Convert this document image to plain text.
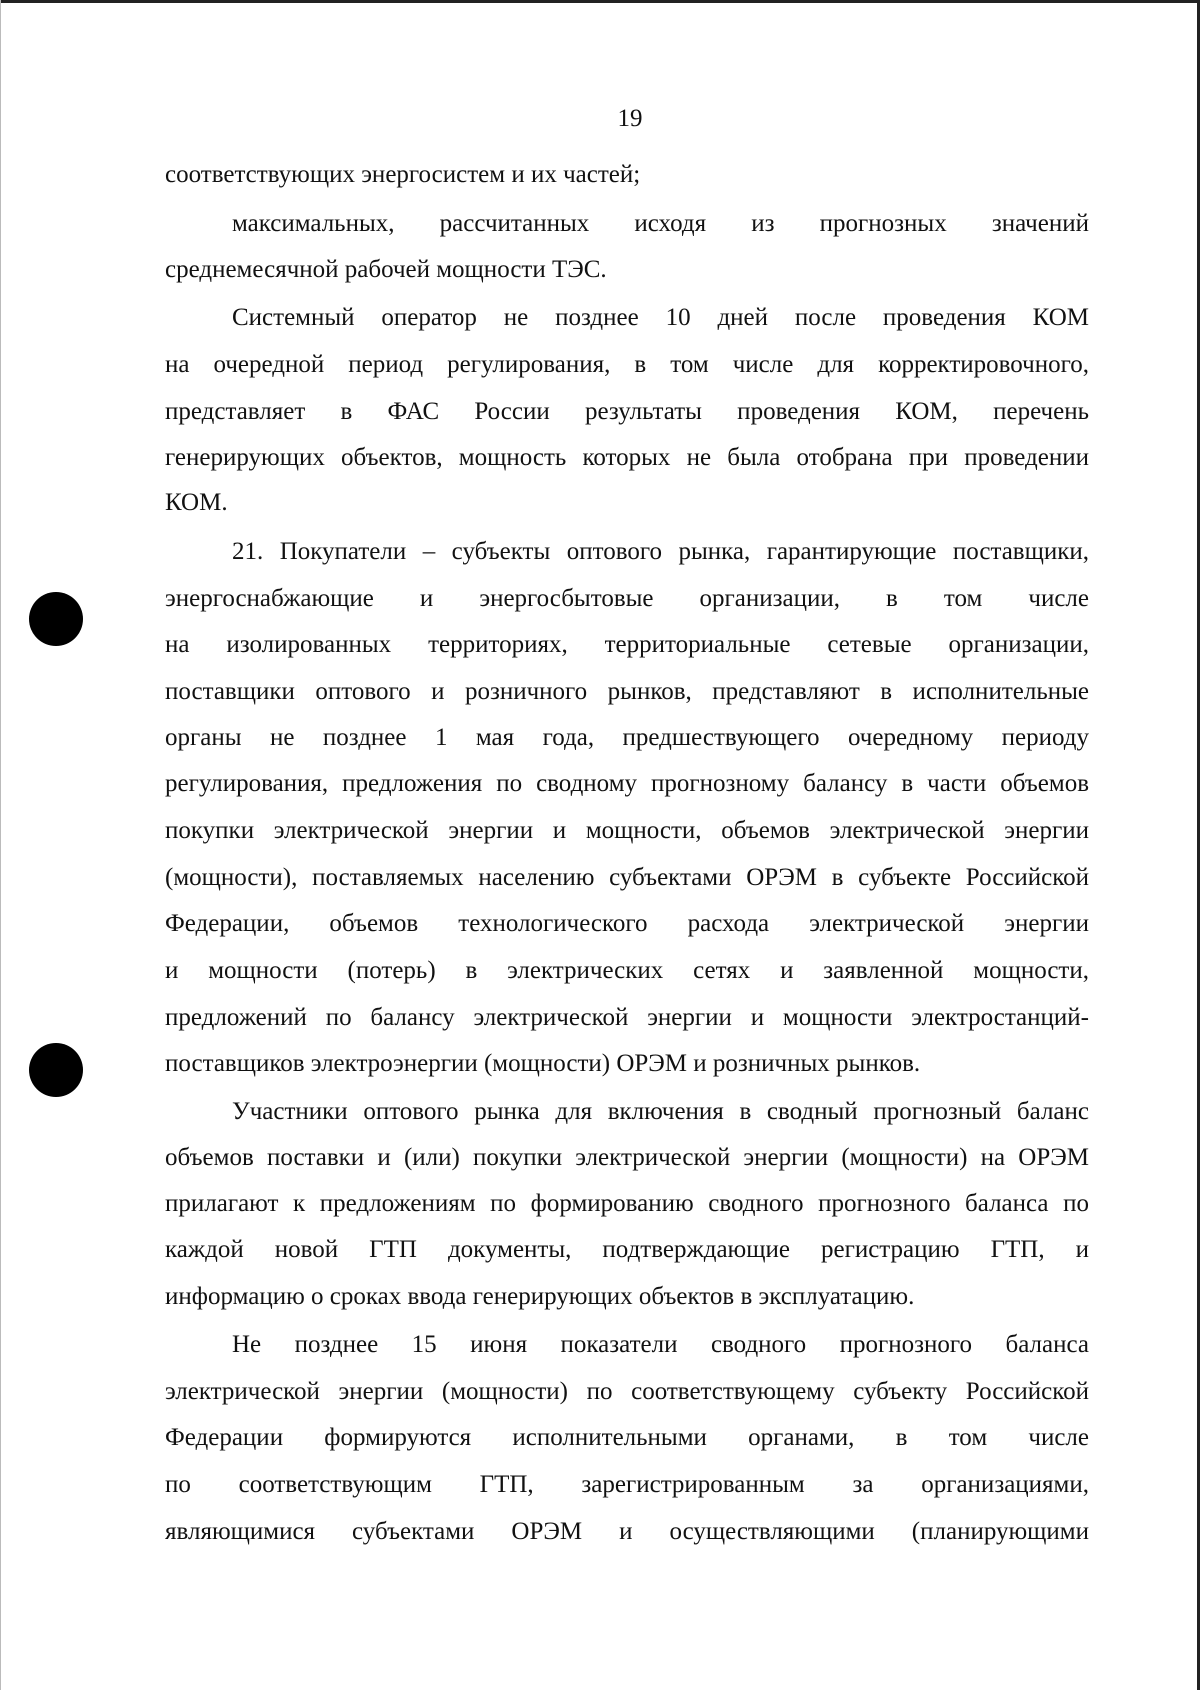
19
соответствующих энергосистем и их частей;
максимальных, рассчитанных исходя из прогнозных значений
среднемесячной рабочей мощности ТЭС.
Системный оператор не позднее 10 дней после проведения КОМ
на очередной период регулирования, в том числе для корректировочного,
представляет в ФАС России результаты проведения КОМ, перечень
генерирующих объектов, мощность которых не была отобрана при проведении
КОМ.
21. Покупатели – субъекты оптового рынка, гарантирующие поставщики,
энергоснабжающие и энергосбытовые организации, в том числе
на изолированных территориях, территориальные сетевые организации,
поставщики оптового и розничного рынков, представляют в исполнительные
органы не позднее 1 мая года, предшествующего очередному периоду
регулирования, предложения по сводному прогнозному балансу в части объемов
покупки электрической энергии и мощности, объемов электрической энергии
(мощности), поставляемых населению субъектами ОРЭМ в субъекте Российской
Федерации, объемов технологического расхода электрической энергии
и мощности (потерь) в электрических сетях и заявленной мощности,
предложений по балансу электрической энергии и мощности электростанций-
поставщиков электроэнергии (мощности) ОРЭМ и розничных рынков.
Участники оптового рынка для включения в сводный прогнозный баланс
объемов поставки и (или) покупки электрической энергии (мощности) на ОРЭМ
прилагают к предложениям по формированию сводного прогнозного баланса по
каждой новой ГТП документы, подтверждающие регистрацию ГТП, и
информацию о сроках ввода генерирующих объектов в эксплуатацию.
Не позднее 15 июня показатели сводного прогнозного баланса
электрической энергии (мощности) по соответствующему субъекту Российской
Федерации формируются исполнительными органами, в том числе
по соответствующим ГТП, зарегистрированным за организациями,
являющимися субъектами ОРЭМ и осуществляющими (планирующими
